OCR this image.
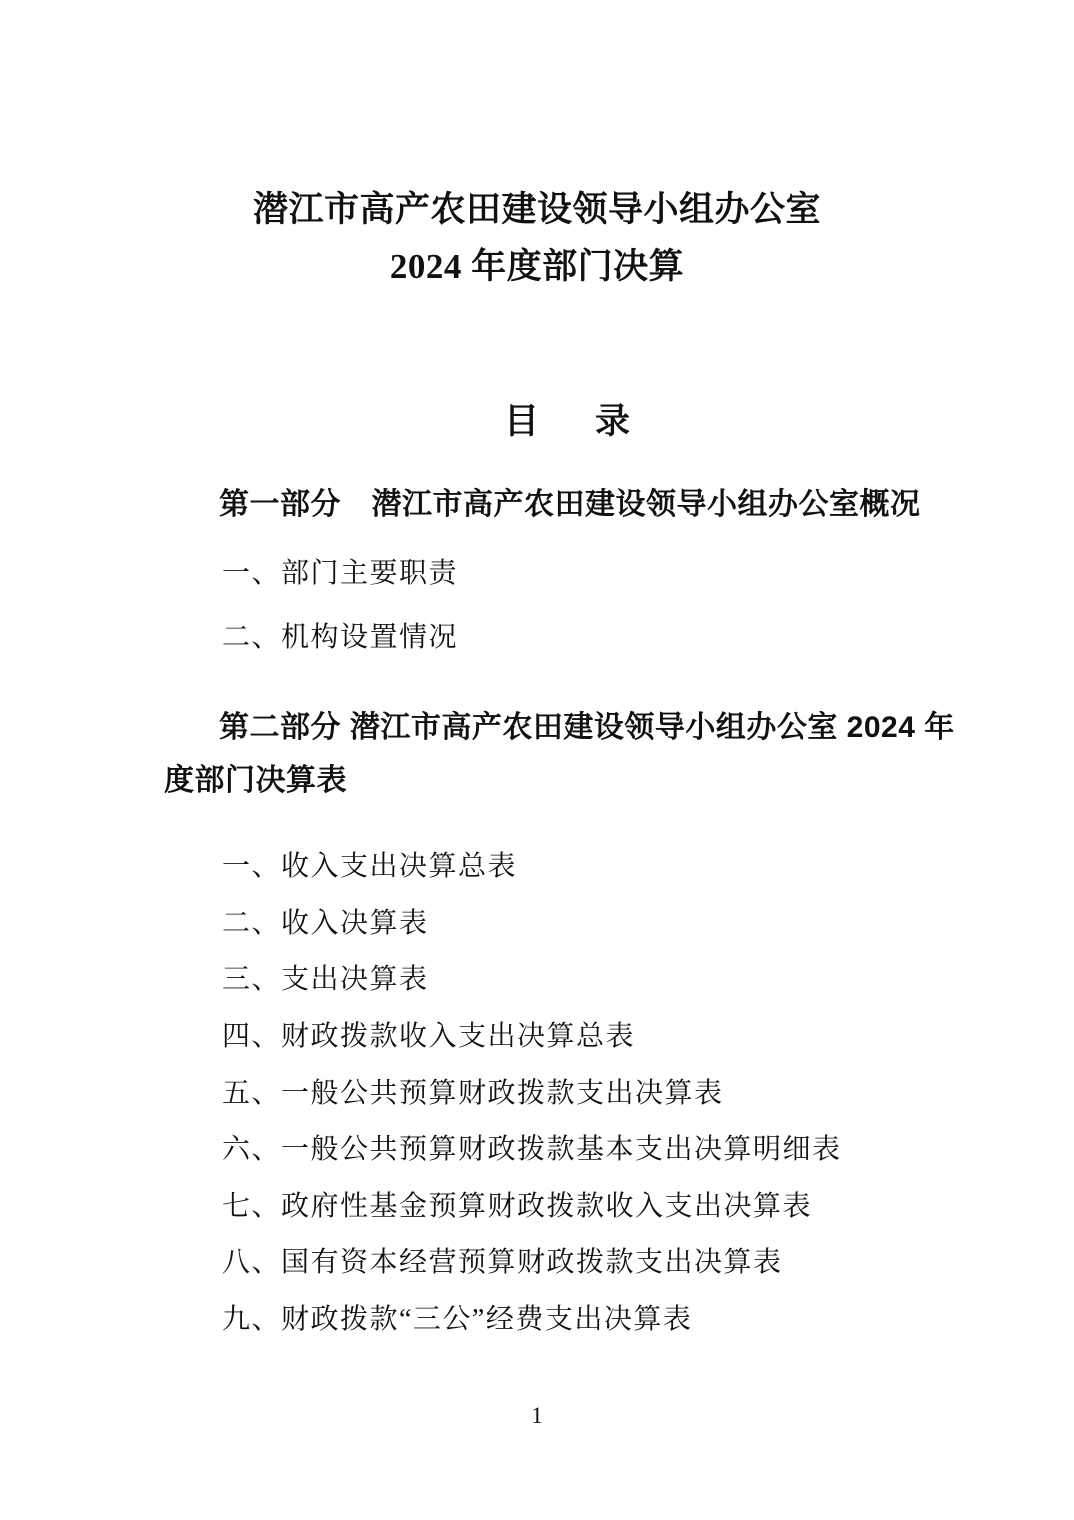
潜江市高产农田建设领导小组办公室
2024 年度部门决算
目 录
第一部分　潜江市高产农田建设领导小组办公室概况
一、部门主要职责
二、机构设置情况
第二部分 潜江市高产农田建设领导小组办公室 2024 年
度部门决算表
一、收入支出决算总表
二、收入决算表
三、支出决算表
四、财政拨款收入支出决算总表
五、一般公共预算财政拨款支出决算表
六、一般公共预算财政拨款基本支出决算明细表
七、政府性基金预算财政拨款收入支出决算表
八、国有资本经营预算财政拨款支出决算表
九、财政拨款“三公”经费支出决算表
1
